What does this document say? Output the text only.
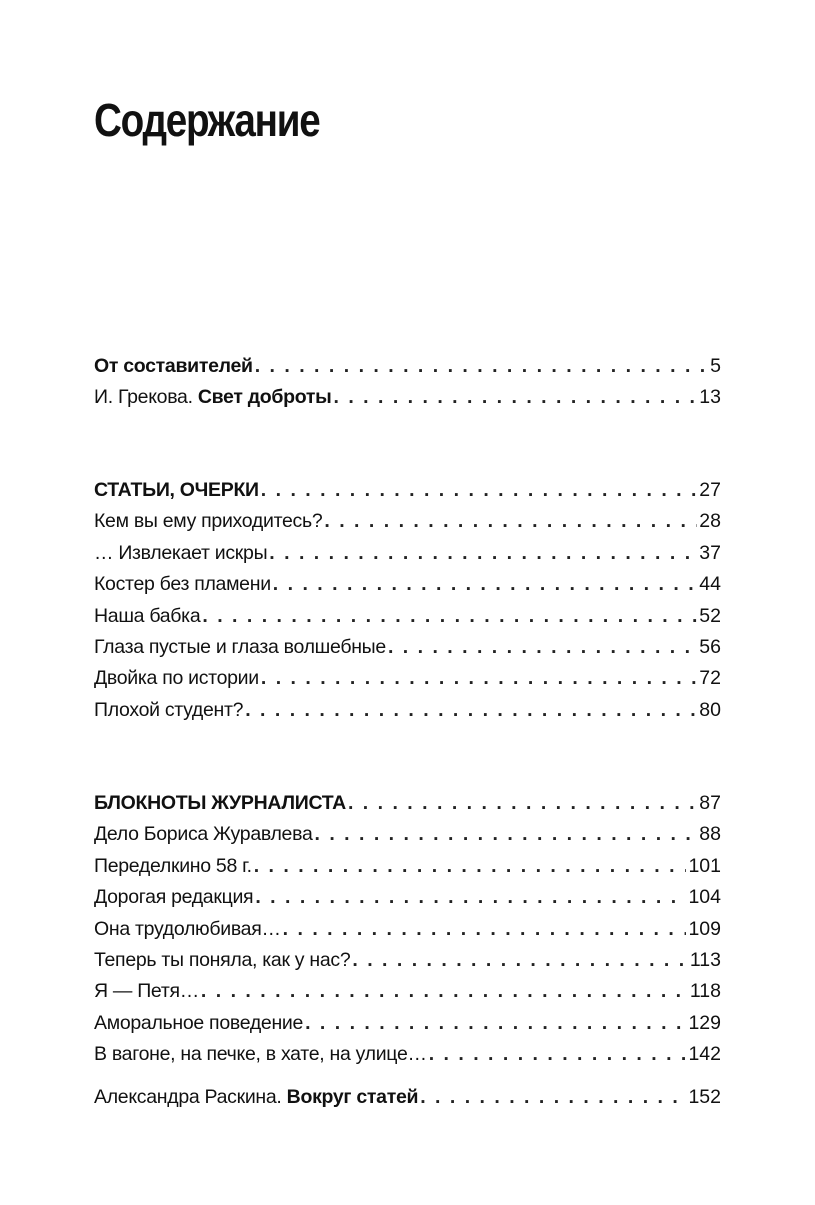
Содержание
От составителей . . .	5
И. Грекова. Свет доброты . . .	13
СТАТЬИ, ОЧЕРКИ . . .	27
Кем вы ему приходитесь? . . .	28
… Извлекает искры . . .	37
Костер без пламени . . .	44
Наша бабка . . .	52
Глаза пустые и глаза волшебные . . .	56
Двойка по истории . . .	72
Плохой студент? . . .	80
БЛОКНОТЫ ЖУРНАЛИСТА . . .	87
Дело Бориса Журавлева . . .	88
Переделкино 58 г. . . .	101
Дорогая редакция . . .	104
Она трудолюбивая… . . .	109
Теперь ты поняла, как у нас? . . .	113
Я — Петя… . . .	118
Аморальное поведение . . .	129
В вагоне, на печке, в хате, на улице… . . .	142
Александра Раскина. Вокруг статей . . .	152
